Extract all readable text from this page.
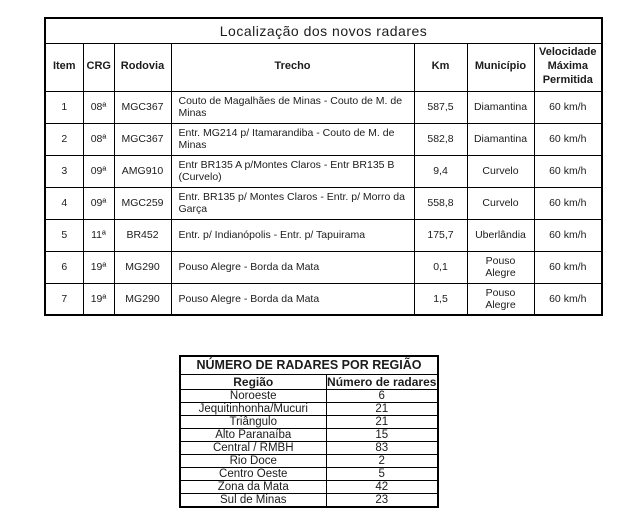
Localização dos novos radares						
Item	CRG	Rodovia	Trecho	Km	Município	Velocidade Máxima Permitida
1	08ª	MGC367	Couto de Magalhães de Minas - Couto de M. de Minas	587,5	Diamantina	60 km/h
2	08ª	MGC367	Entr. MG214 p/ Itamarandiba - Couto de M. de Minas	582,8	Diamantina	60 km/h
3	09ª	AMG910	Entr BR135 A p/Montes Claros - Entr BR135 B (Curvelo)	9,4	Curvelo	60 km/h
4	09ª	MGC259	Entr. BR135 p/ Montes Claros - Entr. p/ Morro da Garça	558,8	Curvelo	60 km/h
5	11ª	BR452	Entr. p/ Indianópolis - Entr. p/ Tapuirama	175,7	Uberlândia	60 km/h
6	19ª	MG290	Pouso Alegre - Borda da Mata	0,1	Pouso Alegre	60 km/h
7	19ª	MG290	Pouso Alegre - Borda da Mata	1,5	Pouso Alegre	60 km/h
NÚMERO DE RADARES POR REGIÃO	
Região	Número de radares
Noroeste	6
Jequitinhonha/Mucuri	21
Triângulo	21
Alto Paranaíba	15
Central / RMBH	83
Rio Doce	2
Centro Oeste	5
Zona da Mata	42
Sul de Minas	23
